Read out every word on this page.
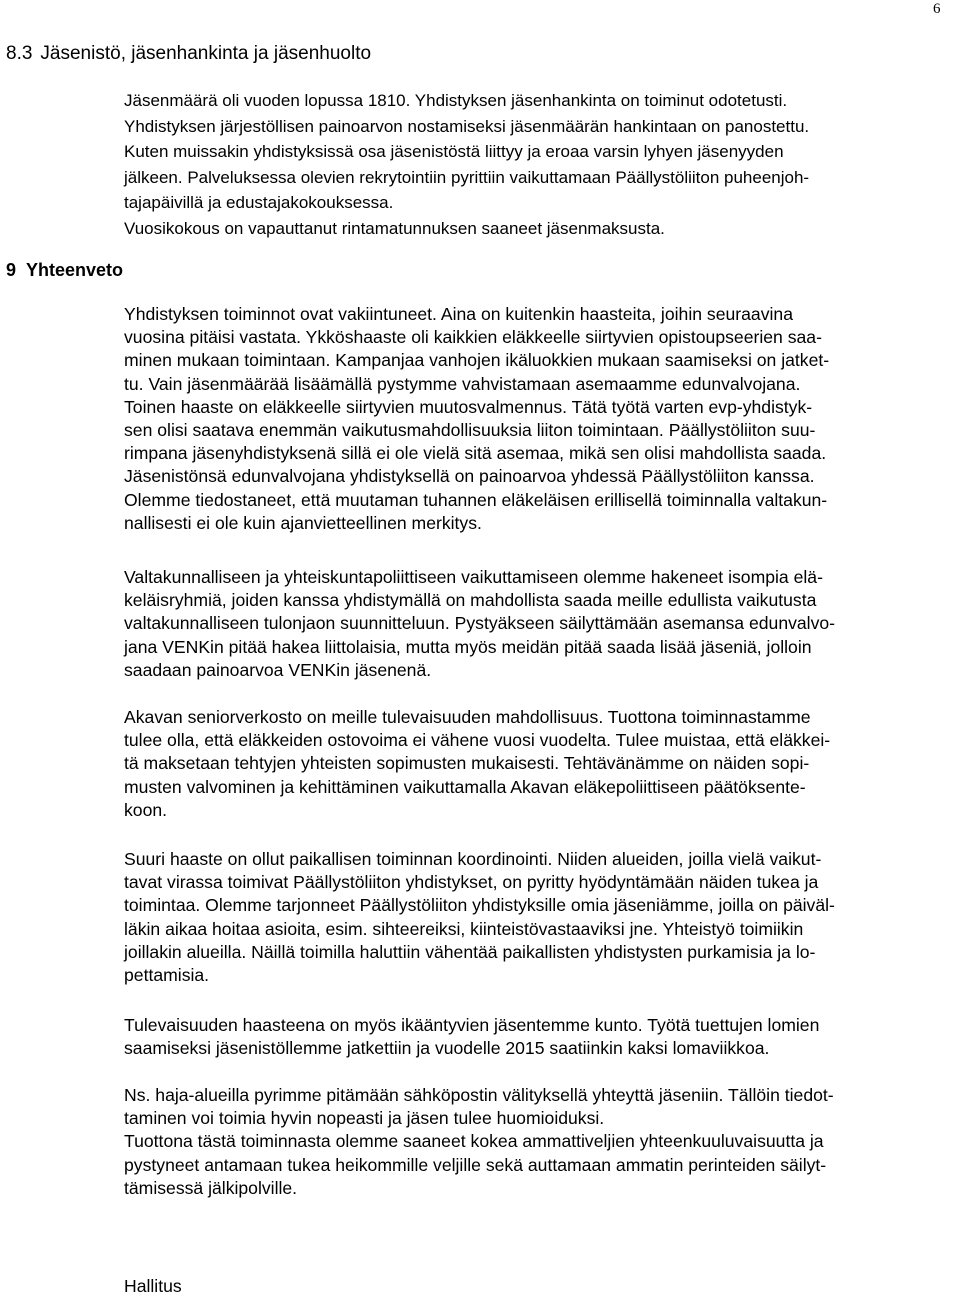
6
8.3 Jäsenistö, jäsenhankinta ja jäsenhuolto
Jäsenmäärä oli vuoden lopussa 1810. Yhdistyksen jäsenhankinta on toiminut odotetusti.
Yhdistyksen järjestöllisen painoarvon nostamiseksi jäsenmäärän hankintaan on panostettu.
Kuten muissakin yhdistyksissä osa jäsenistöstä liittyy ja eroaa varsin lyhyen jäsenyyden
jälkeen. Palveluksessa olevien rekrytointiin pyrittiin vaikuttamaan Päällystöliiton puheenjoh-
tajapäivillä ja edustajakokouksessa.
Vuosikokous on vapauttanut rintamatunnuksen saaneet jäsenmaksusta.
9 Yhteenveto
Yhdistyksen toiminnot ovat vakiintuneet. Aina on kuitenkin haasteita, joihin seuraavina
vuosina pitäisi vastata. Ykköshaaste oli kaikkien eläkkeelle siirtyvien opistoupseerien saa-
minen mukaan toimintaan. Kampanjaa vanhojen ikäluokkien mukaan saamiseksi on jatket-
tu. Vain jäsenmäärää lisäämällä pystymme vahvistamaan asemaamme edunvalvojana.
Toinen haaste on eläkkeelle siirtyvien muutosvalmennus. Tätä työtä varten evp-yhdistyk-
sen olisi saatava enemmän vaikutusmahdollisuuksia liiton toimintaan. Päällystöliiton suu-
rimpana jäsenyhdistyksenä sillä ei ole vielä sitä asemaa, mikä sen olisi mahdollista saada.
Jäsenistönsä edunvalvojana yhdistyksellä on painoarvoa yhdessä Päällystöliiton kanssa.
Olemme tiedostaneet, että muutaman tuhannen eläkeläisen erillisellä toiminnalla valtakun-
nallisesti ei ole kuin ajanvietteellinen merkitys.
Valtakunnalliseen ja yhteiskuntapoliittiseen vaikuttamiseen olemme hakeneet isompia elä-
keläisryhmiä, joiden kanssa yhdistymällä on mahdollista saada meille edullista vaikutusta
valtakunnalliseen tulonjaon suunnitteluun. Pystyäkseen säilyttämään asemansa edunvalvo-
jana VENKin pitää hakea liittolaisia, mutta myös meidän pitää saada lisää jäseniä, jolloin
saadaan painoarvoa VENKin jäsenenä.
Akavan seniorverkosto on meille tulevaisuuden mahdollisuus. Tuottona toiminnastamme
tulee olla, että eläkkeiden ostovoima ei vähene vuosi vuodelta. Tulee muistaa, että eläkkei-
tä maksetaan tehtyjen yhteisten sopimusten mukaisesti. Tehtävänämme on näiden sopi-
musten valvominen ja kehittäminen vaikuttamalla Akavan eläkepoliittiseen päätöksente-
koon.
Suuri haaste on ollut paikallisen toiminnan koordinointi. Niiden alueiden, joilla vielä vaikut-
tavat virassa toimivat Päällystöliiton yhdistykset, on pyritty hyödyntämään näiden tukea ja
toimintaa. Olemme tarjonneet Päällystöliiton yhdistyksille omia jäseniämme, joilla on päiväl-
läkin aikaa hoitaa asioita, esim. sihteereiksi, kiinteistövastaaviksi jne. Yhteistyö toimiikin
joillakin alueilla. Näillä toimilla haluttiin vähentää paikallisten yhdistysten purkamisia ja lo-
pettamisia.
Tulevaisuuden haasteena on myös ikääntyvien jäsentemme kunto. Työtä tuettujen lomien
saamiseksi jäsenistöllemme jatkettiin ja vuodelle 2015 saatiinkin kaksi lomaviikkoa.
Ns. haja-alueilla pyrimme pitämään sähköpostin välityksellä yhteyttä jäseniin. Tällöin tiedot-
taminen voi toimia hyvin nopeasti ja jäsen tulee huomioiduksi.
Tuottona tästä toiminnasta olemme saaneet kokea ammattiveljien yhteenkuuluvaisuutta ja
pystyneet antamaan tukea heikommille veljille sekä auttamaan ammatin perinteiden säilyt-
tämisessä jälkipolville.
Hallitus
